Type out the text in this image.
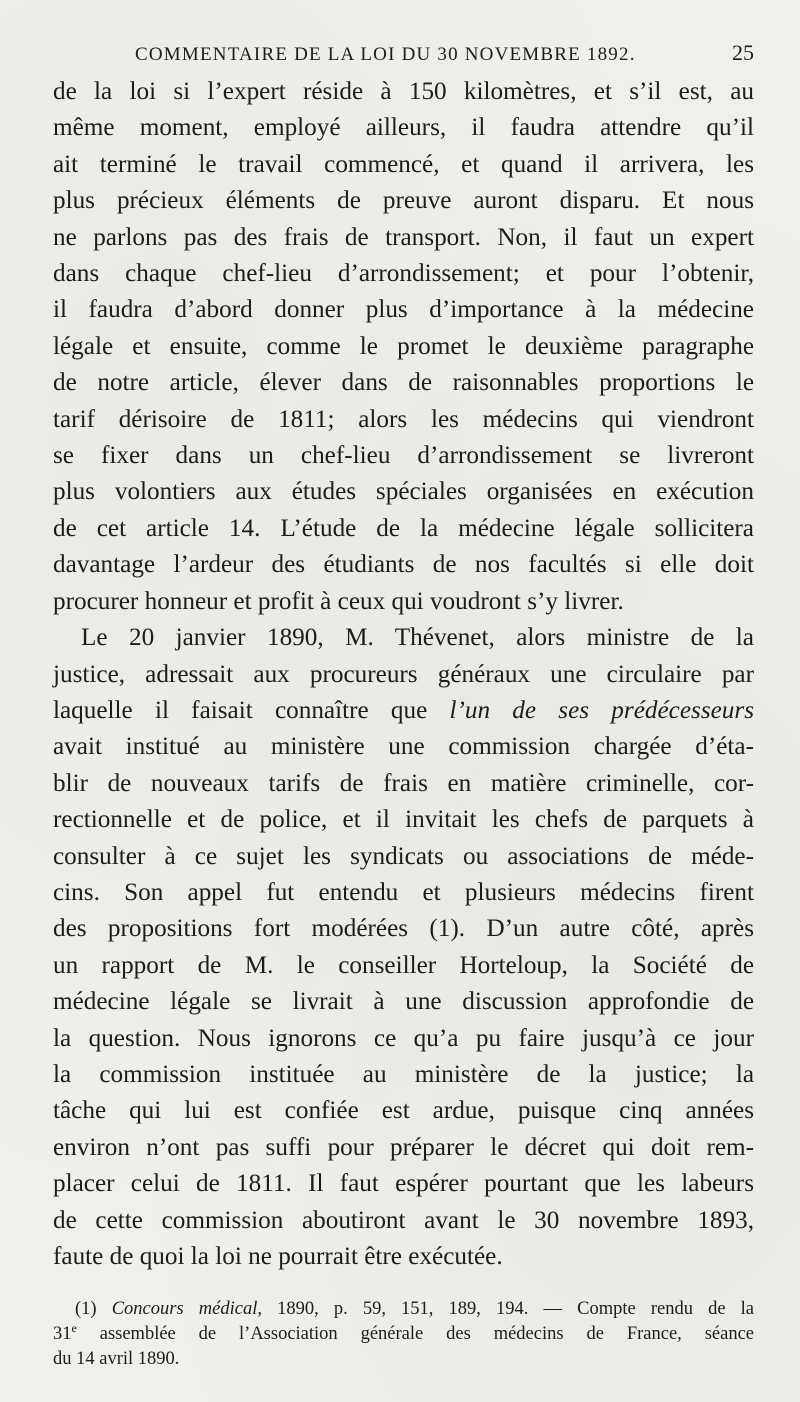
COMMENTAIRE DE LA LOI DU 30 NOVEMBRE 1892.	25
de la loi si l’expert réside à 150 kilomètres, et s’il est, au
même moment, employé ailleurs, il faudra attendre qu’il
ait terminé le travail commencé, et quand il arrivera, les
plus précieux éléments de preuve auront disparu. Et nous
ne parlons pas des frais de transport. Non, il faut un expert
dans chaque chef-lieu d’arrondissement; et pour l’obtenir,
il faudra d’abord donner plus d’importance à la médecine
légale et ensuite, comme le promet le deuxième paragraphe
de notre article, élever dans de raisonnables proportions le
tarif dérisoire de 1811; alors les médecins qui viendront
se fixer dans un chef-lieu d’arrondissement se livreront
plus volontiers aux études spéciales organisées en exécution
de cet article 14. L’étude de la médecine légale sollicitera
davantage l’ardeur des étudiants de nos facultés si elle doit
procurer honneur et profit à ceux qui voudront s’y livrer.
Le 20 janvier 1890, M. Thévenet, alors ministre de la
justice, adressait aux procureurs généraux une circulaire par
laquelle il faisait connaître que l’un de ses prédécesseurs
avait institué au ministère une commission chargée d’éta-
blir de nouveaux tarifs de frais en matière criminelle, cor-
rectionnelle et de police, et il invitait les chefs de parquets à
consulter à ce sujet les syndicats ou associations de méde-
cins. Son appel fut entendu et plusieurs médecins firent
des propositions fort modérées (1). D’un autre côté, après
un rapport de M. le conseiller Horteloup, la Société de
médecine légale se livrait à une discussion approfondie de
la question. Nous ignorons ce qu’a pu faire jusqu’à ce jour
la commission instituée au ministère de la justice; la
tâche qui lui est confiée est ardue, puisque cinq années
environ n’ont pas suffi pour préparer le décret qui doit rem-
placer celui de 1811. Il faut espérer pourtant que les labeurs
de cette commission aboutiront avant le 30 novembre 1893,
faute de quoi la loi ne pourrait être exécutée.
(1) Concours médical, 1890, p. 59, 151, 189, 194. — Compte rendu de la
31e assemblée de l’Association générale des médecins de France, séance
du 14 avril 1890.
